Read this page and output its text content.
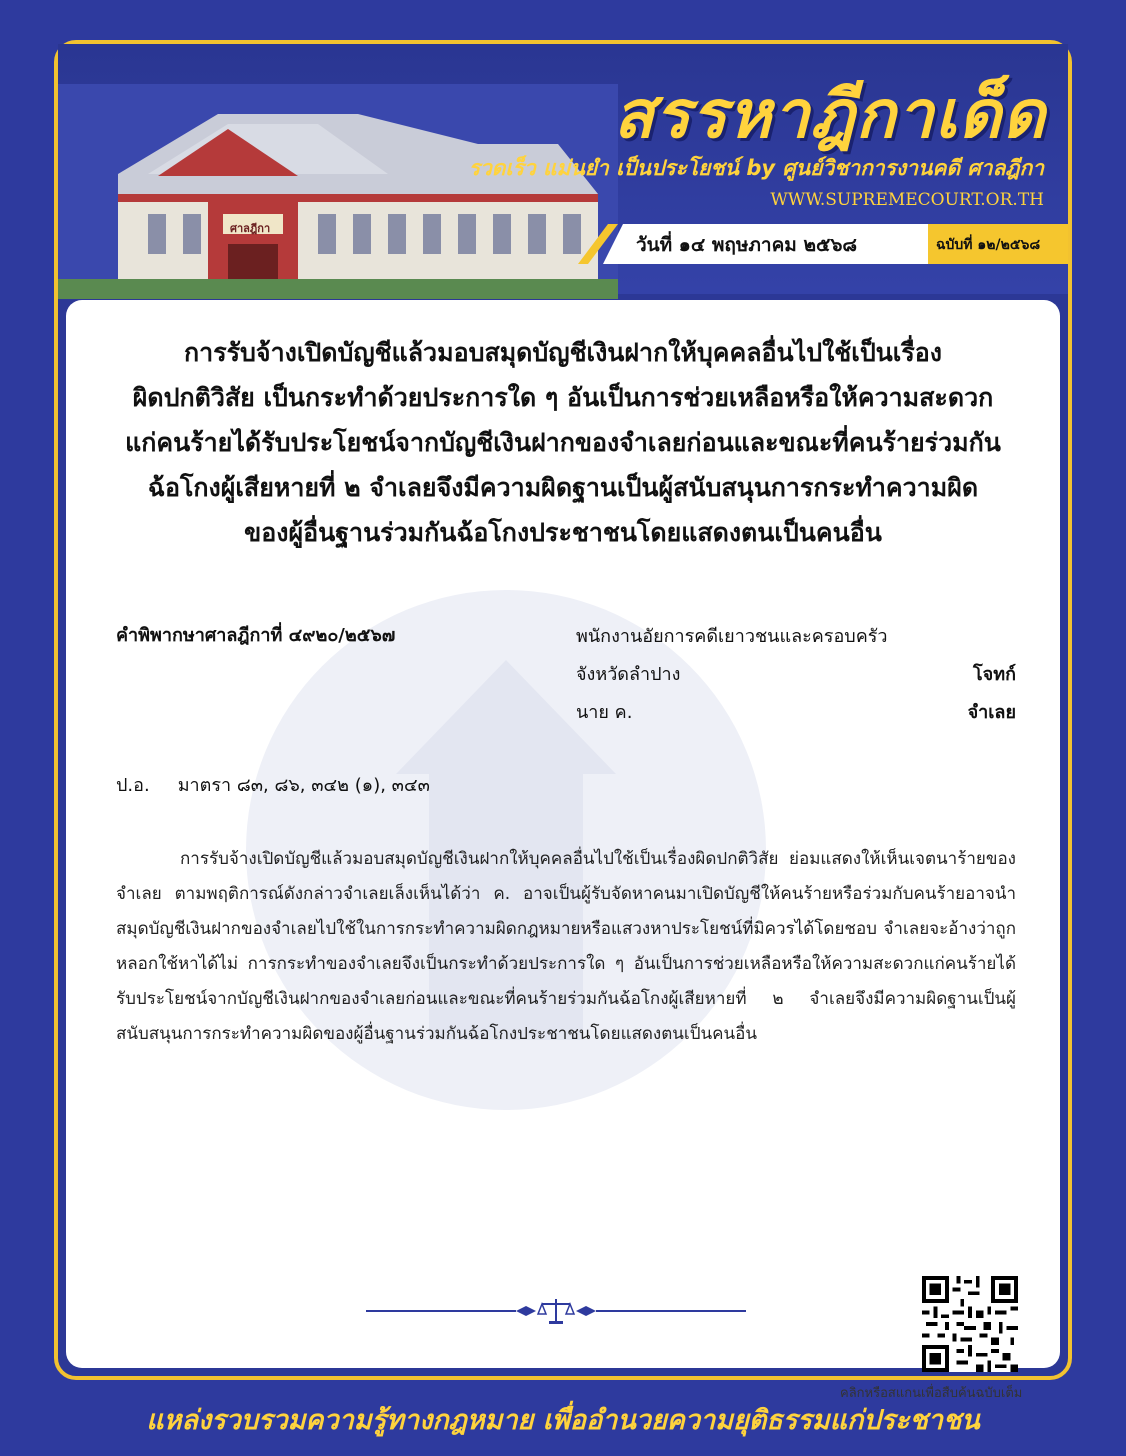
ศาลฎีกา
สรรหาฎีกาเด็ด
รวดเร็ว แม่นยำ เป็นประโยชน์ by ศูนย์วิชาการงานคดี ศาลฎีกา
WWW.SUPREMECOURT.OR.TH
วันที่ ๑๔ พฤษภาคม ๒๕๖๘	ฉบับที่ ๑๒/๒๕๖๘
การรับจ้างเปิดบัญชีแล้วมอบสมุดบัญชีเงินฝากให้บุคคลอื่นไปใช้เป็นเรื่อง
ผิดปกติวิสัย เป็นกระทำด้วยประการใด ๆ อันเป็นการช่วยเหลือหรือให้ความสะดวก
แก่คนร้ายได้รับประโยชน์จากบัญชีเงินฝากของจำเลยก่อนและขณะที่คนร้ายร่วมกัน
ฉ้อโกงผู้เสียหายที่ ๒ จำเลยจึงมีความผิดฐานเป็นผู้สนับสนุนการกระทำความผิด
ของผู้อื่นฐานร่วมกันฉ้อโกงประชาชนโดยแสดงตนเป็นคนอื่น
คำพิพากษาศาลฎีกาที่ ๔๙๒๐/๒๕๖๗	พนักงานอัยการคดีเยาวชนและครอบครัว
จังหวัดลำปาง	โจทก์
นาย ค.	จำเลย
ป.อ. มาตรา ๘๓, ๘๖, ๓๔๒ (๑), ๓๔๓

การรับจ้างเปิดบัญชีแล้วมอบสมุดบัญชีเงินฝากให้บุคคลอื่นไปใช้เป็นเรื่องผิดปกติวิสัย ย่อมแสดงให้เห็นเจตนาร้ายของจำเลย ตามพฤติการณ์ดังกล่าวจำเลยเล็งเห็นได้ว่า ค. อาจเป็นผู้รับจัดหาคนมาเปิดบัญชีให้คนร้ายหรือร่วมกับคนร้ายอาจนำสมุดบัญชีเงินฝากของจำเลยไปใช้ในการกระทำความผิดกฎหมายหรือแสวงหาประโยชน์ที่มิควรได้โดยชอบ จำเลยจะอ้างว่าถูกหลอกใช้หาได้ไม่ การกระทำของจำเลยจึงเป็นกระทำด้วยประการใด ๆ อันเป็นการช่วยเหลือหรือให้ความสะดวกแก่คนร้ายได้รับประโยชน์จากบัญชีเงินฝากของจำเลยก่อนและขณะที่คนร้ายร่วมกันฉ้อโกงผู้เสียหายที่ ๒ จำเลยจึงมีความผิดฐานเป็นผู้สนับสนุนการกระทำความผิดของผู้อื่นฐานร่วมกันฉ้อโกงประชาชนโดยแสดงตนเป็นคนอื่น

คลิกหรือสแกนเพื่อสืบค้นฉบับเต็ม
แหล่งรวบรวมความรู้ทางกฎหมาย เพื่ออำนวยความยุติธรรมแก่ประชาชน
